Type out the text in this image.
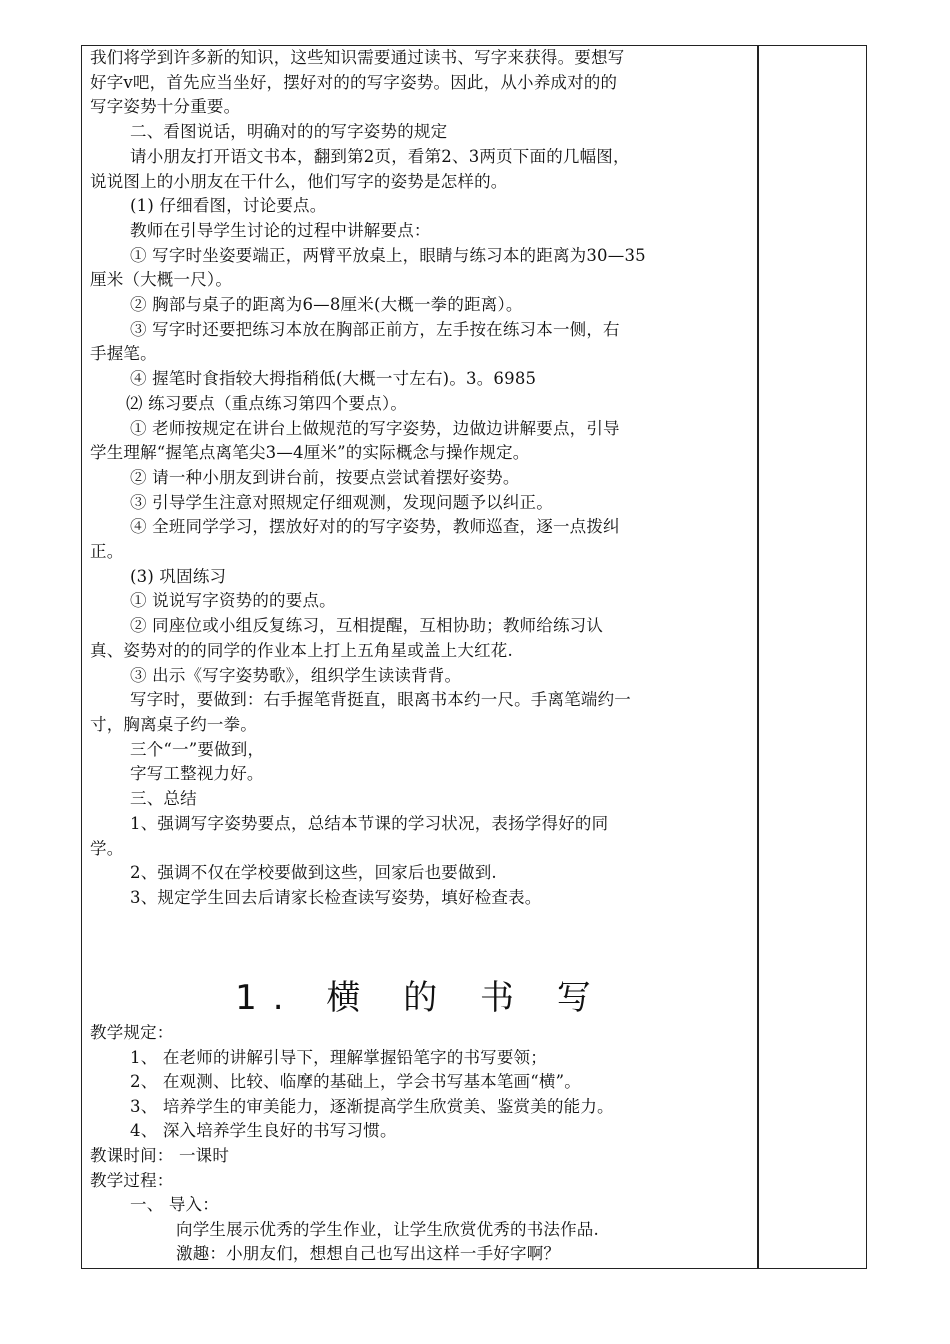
我们将学到许多新的知识，这些知识需要通过读书、写字来获得。要想写
好字v吧，首先应当坐好，摆好对的的写字姿势。因此，从小养成对的的
写字姿势十分重要。
二、看图说话，明确对的的写字姿势的规定
请小朋友打开语文书本，翻到第2页，看第2、3两页下面的几幅图，
说说图上的小朋友在干什么，他们写字的姿势是怎样的。
(1) 仔细看图，讨论要点。
教师在引导学生讨论的过程中讲解要点：
① 写字时坐姿要端正，两臂平放桌上，眼睛与练习本的距离为30—35
厘米（大概一尺）。
② 胸部与桌子的距离为6—8厘米(大概一拳的距离）。
③ 写字时还要把练习本放在胸部正前方，左手按在练习本一侧，右
手握笔。
④ 握笔时食指较大拇指稍低(大概一寸左右)。3。6985
⑵ 练习要点（重点练习第四个要点）。
① 老师按规定在讲台上做规范的写字姿势，边做边讲解要点，引导
学生理解“握笔点离笔尖3—4厘米”的实际概念与操作规定。
② 请一种小朋友到讲台前，按要点尝试着摆好姿势。
③ 引导学生注意对照规定仔细观测，发现问题予以纠正。
④ 全班同学学习，摆放好对的的写字姿势，教师巡查，逐一点拨纠
正。
(3) 巩固练习
① 说说写字资势的的要点。
② 同座位或小组反复练习，互相提醒，互相协助；教师给练习认
真、姿势对的的同学的作业本上打上五角星或盖上大红花.
③ 出示《写字姿势歌》，组织学生读读背背。
写字时，要做到：右手握笔背挺直，眼离书本约一尺。手离笔端约一
寸，胸离桌子约一拳。
三个“一”要做到，
字写工整视力好。
三、总结
1、强调写字姿势要点，总结本节课的学习状况，表扬学得好的同
学。
2、强调不仅在学校要做到这些，回家后也要做到.
3、规定学生回去后请家长检查读写姿势，填好检查表。
1. 横 的 书 写
教学规定：
1、 在老师的讲解引导下，理解掌握铅笔字的书写要领；
2、 在观测、比较、临摩的基础上，学会书写基本笔画“横”。
3、 培养学生的审美能力，逐渐提高学生欣赏美、鉴赏美的能力。
4、 深入培养学生良好的书写习惯。
教课时间： 一课时
教学过程：
一、 导入：
向学生展示优秀的学生作业，让学生欣赏优秀的书法作品.
激趣：小朋友们，想想自己也写出这样一手好字啊？
